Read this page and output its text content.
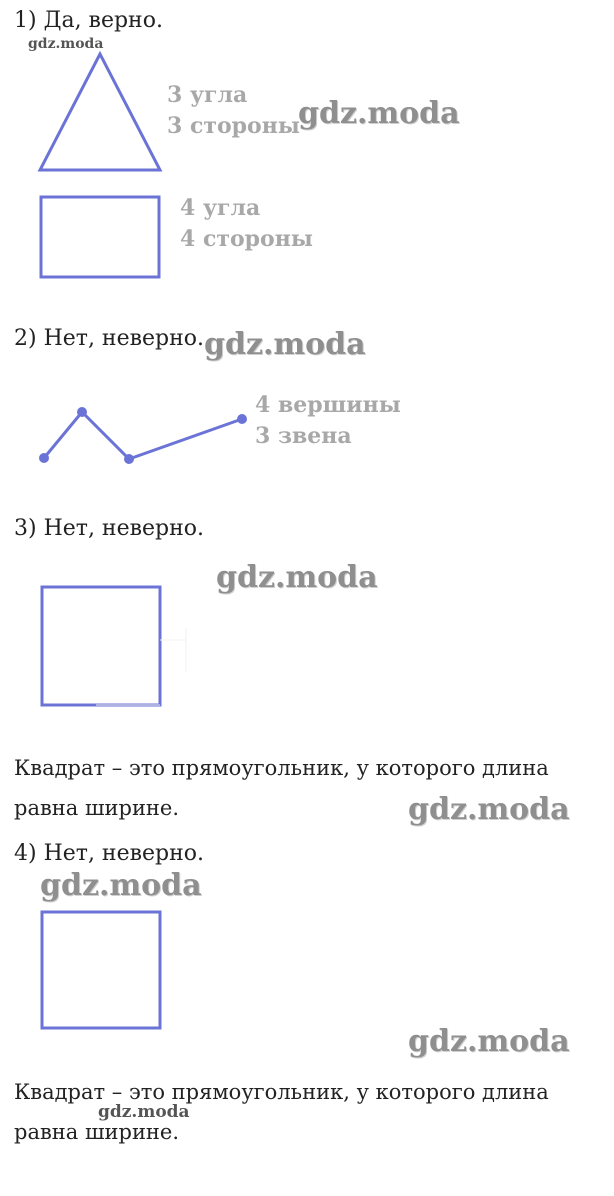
1) Да, верно.
gdz.moda
3 угла
3 стороны
gdz.moda
4 угла
4 стороны
2) Нет, неверно. gdz.moda
4 вершины
3 звена
3) Нет, неверно.
gdz.moda
Квадрат – это прямоугольник, у которого длина
равна ширине.	gdz.moda
4) Нет, неверно.
gdz.moda
gdz.moda
Квадрат – это прямоугольник, у которого длина
равна ширине.
gdz.moda
